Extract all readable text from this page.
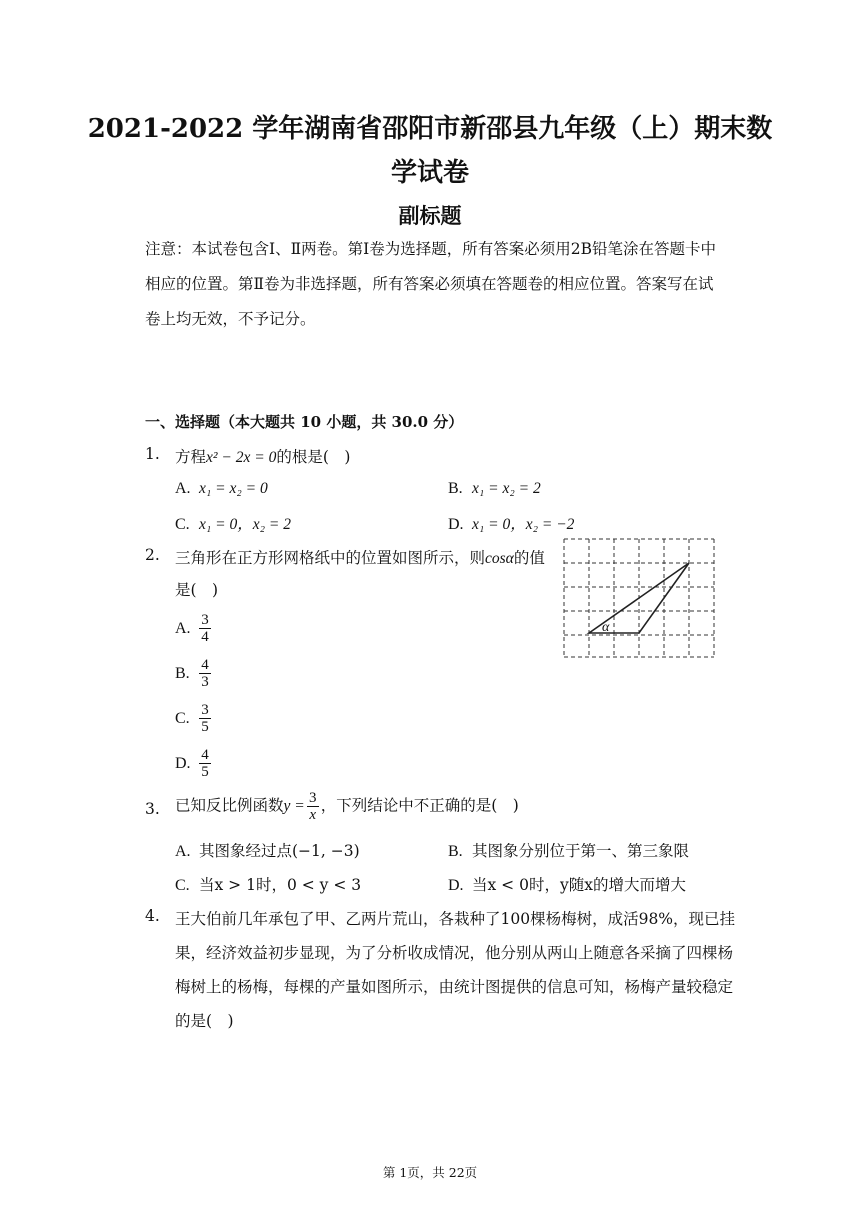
2021-2022 学年湖南省邵阳市新邵县九年级（上）期末数
学试卷
副标题
注意：本试卷包含Ⅰ、Ⅱ两卷。第Ⅰ卷为选择题，所有答案必须用2B铅笔涂在答题卡中相应的位置。第Ⅱ卷为非选择题，所有答案必须填在答题卷的相应位置。答案写在试卷上均无效，不予记分。
一、选择题（本大题共 10 小题，共 30.0 分）
1. 方程x² − 2x = 0的根是(　)
A. x₁ = x₂ = 0	B. x₁ = x₂ = 2
C. x₁ = 0，x₂ = 2	D. x₁ = 0，x₂ = −2
2. 三角形在正方形网格纸中的位置如图所示，则cosα的值
是(　)
A. $\frac{3}{4}$
B. $\frac{4}{3}$
C. $\frac{3}{5}$
D. $\frac{4}{5}$
α
3. 已知反比例函数$y = \frac{3}{x}$ ，下列结论中不正确的是(　)
A. 其图象经过点(−1, −3)	B. 其图象分别位于第一、第三象限
C. 当x > 1时，0 < y < 3	D. 当x < 0时，y随x的增大而增大
4. 王大伯前几年承包了甲、乙两片荒山，各栽种了100棵杨梅树，成活98%，现已挂
果，经济效益初步显现，为了分析收成情况，他分别从两山上随意各采摘了四棵杨
梅树上的杨梅，每棵的产量如图所示，由统计图提供的信息可知，杨梅产量较稳定
的是(　)
第 1页，共 22页
